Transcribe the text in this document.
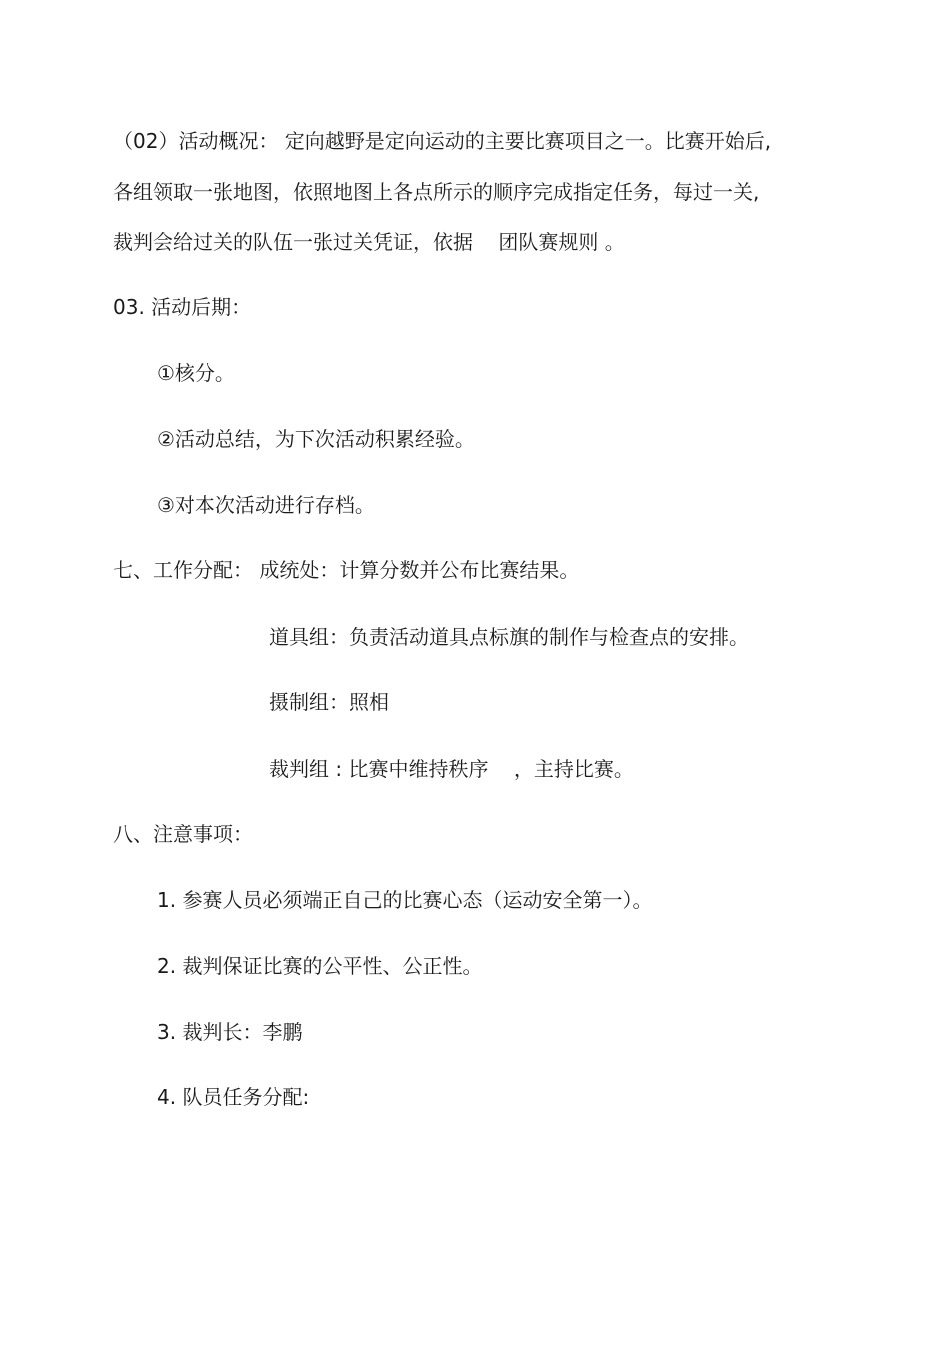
（02）活动概况： 定向越野是定向运动的主要比赛项目之一。比赛开始后,
各组领取一张地图，依照地图上各点所示的顺序完成指定任务，每过一关,
裁判会给过关的队伍一张过关凭证，依据    团队赛规则 。
03. 活动后期：
①核分。
②活动总结，为下次活动积累经验。
③对本次活动进行存档。
七、工作分配： 成统处：计算分数并公布比赛结果。
道具组：负责活动道具点标旗的制作与检查点的安排。
摄制组：照相
裁判组 : 比赛中维持秩序    ，主持比赛。
八、注意事项：
1. 参赛人员必须端正自己的比赛心态（运动安全第一）。
2. 裁判保证比赛的公平性、公正性。
3. 裁判长：李鹏
4. 队员任务分配:
